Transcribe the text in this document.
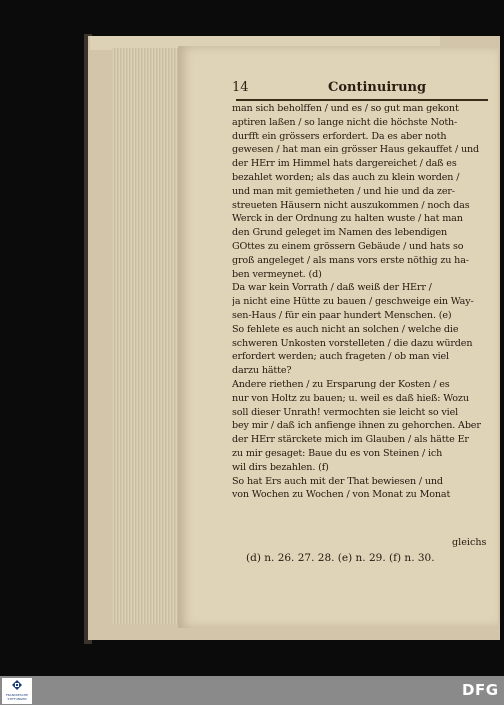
14	Continuirung
man sich beholffen / und es / so gut man gekont
aptiren laßen / so lange nicht die höchste Noth-
durfft ein grössers erfordert. Da es aber noth
gewesen / hat man ein grösser Haus gekauffet / und
der HErr im Himmel hats dargereichet / daß es
bezahlet worden; als das auch zu klein worden /
und man mit gemietheten / und hie und da zer-
streueten Häusern nicht auszukommen / noch das
Werck in der Ordnung zu halten wuste / hat man
den Grund geleget im Namen des lebendigen
GOttes zu einem grössern Gebäude / und hats so
groß angeleget / als mans vors erste nöthig zu ha-
ben vermeynet. (d)
Da war kein Vorrath / daß weiß der HErr /
ja nicht eine Hütte zu bauen / geschweige ein Way-
sen-Haus / für ein paar hundert Menschen. (e)
So fehlete es auch nicht an solchen / welche die
schweren Unkosten vorstelleten / die dazu würden
erfordert werden; auch frageten / ob man viel
darzu hätte?
Andere riethen / zu Ersparung der Kosten / es
nur von Holtz zu bauen; u. weil es daß hieß: Wozu
soll dieser Unrath! vermochten sie leicht so viel
bey mir / daß ich anfienge ihnen zu gehorchen. Aber
der HErr stärckete mich im Glauben / als hätte Er
zu mir gesaget: Baue du es von Steinen / ich
wil dirs bezahlen. (f)
So hat Ers auch mit der That bewiesen / und
von Wochen zu Wochen / von Monat zu Monat
gleichs
(d) n. 26. 27. 28. (e) n. 29. (f) n. 30.
FRANCKESCHE STIFTUNGEN	DFG
